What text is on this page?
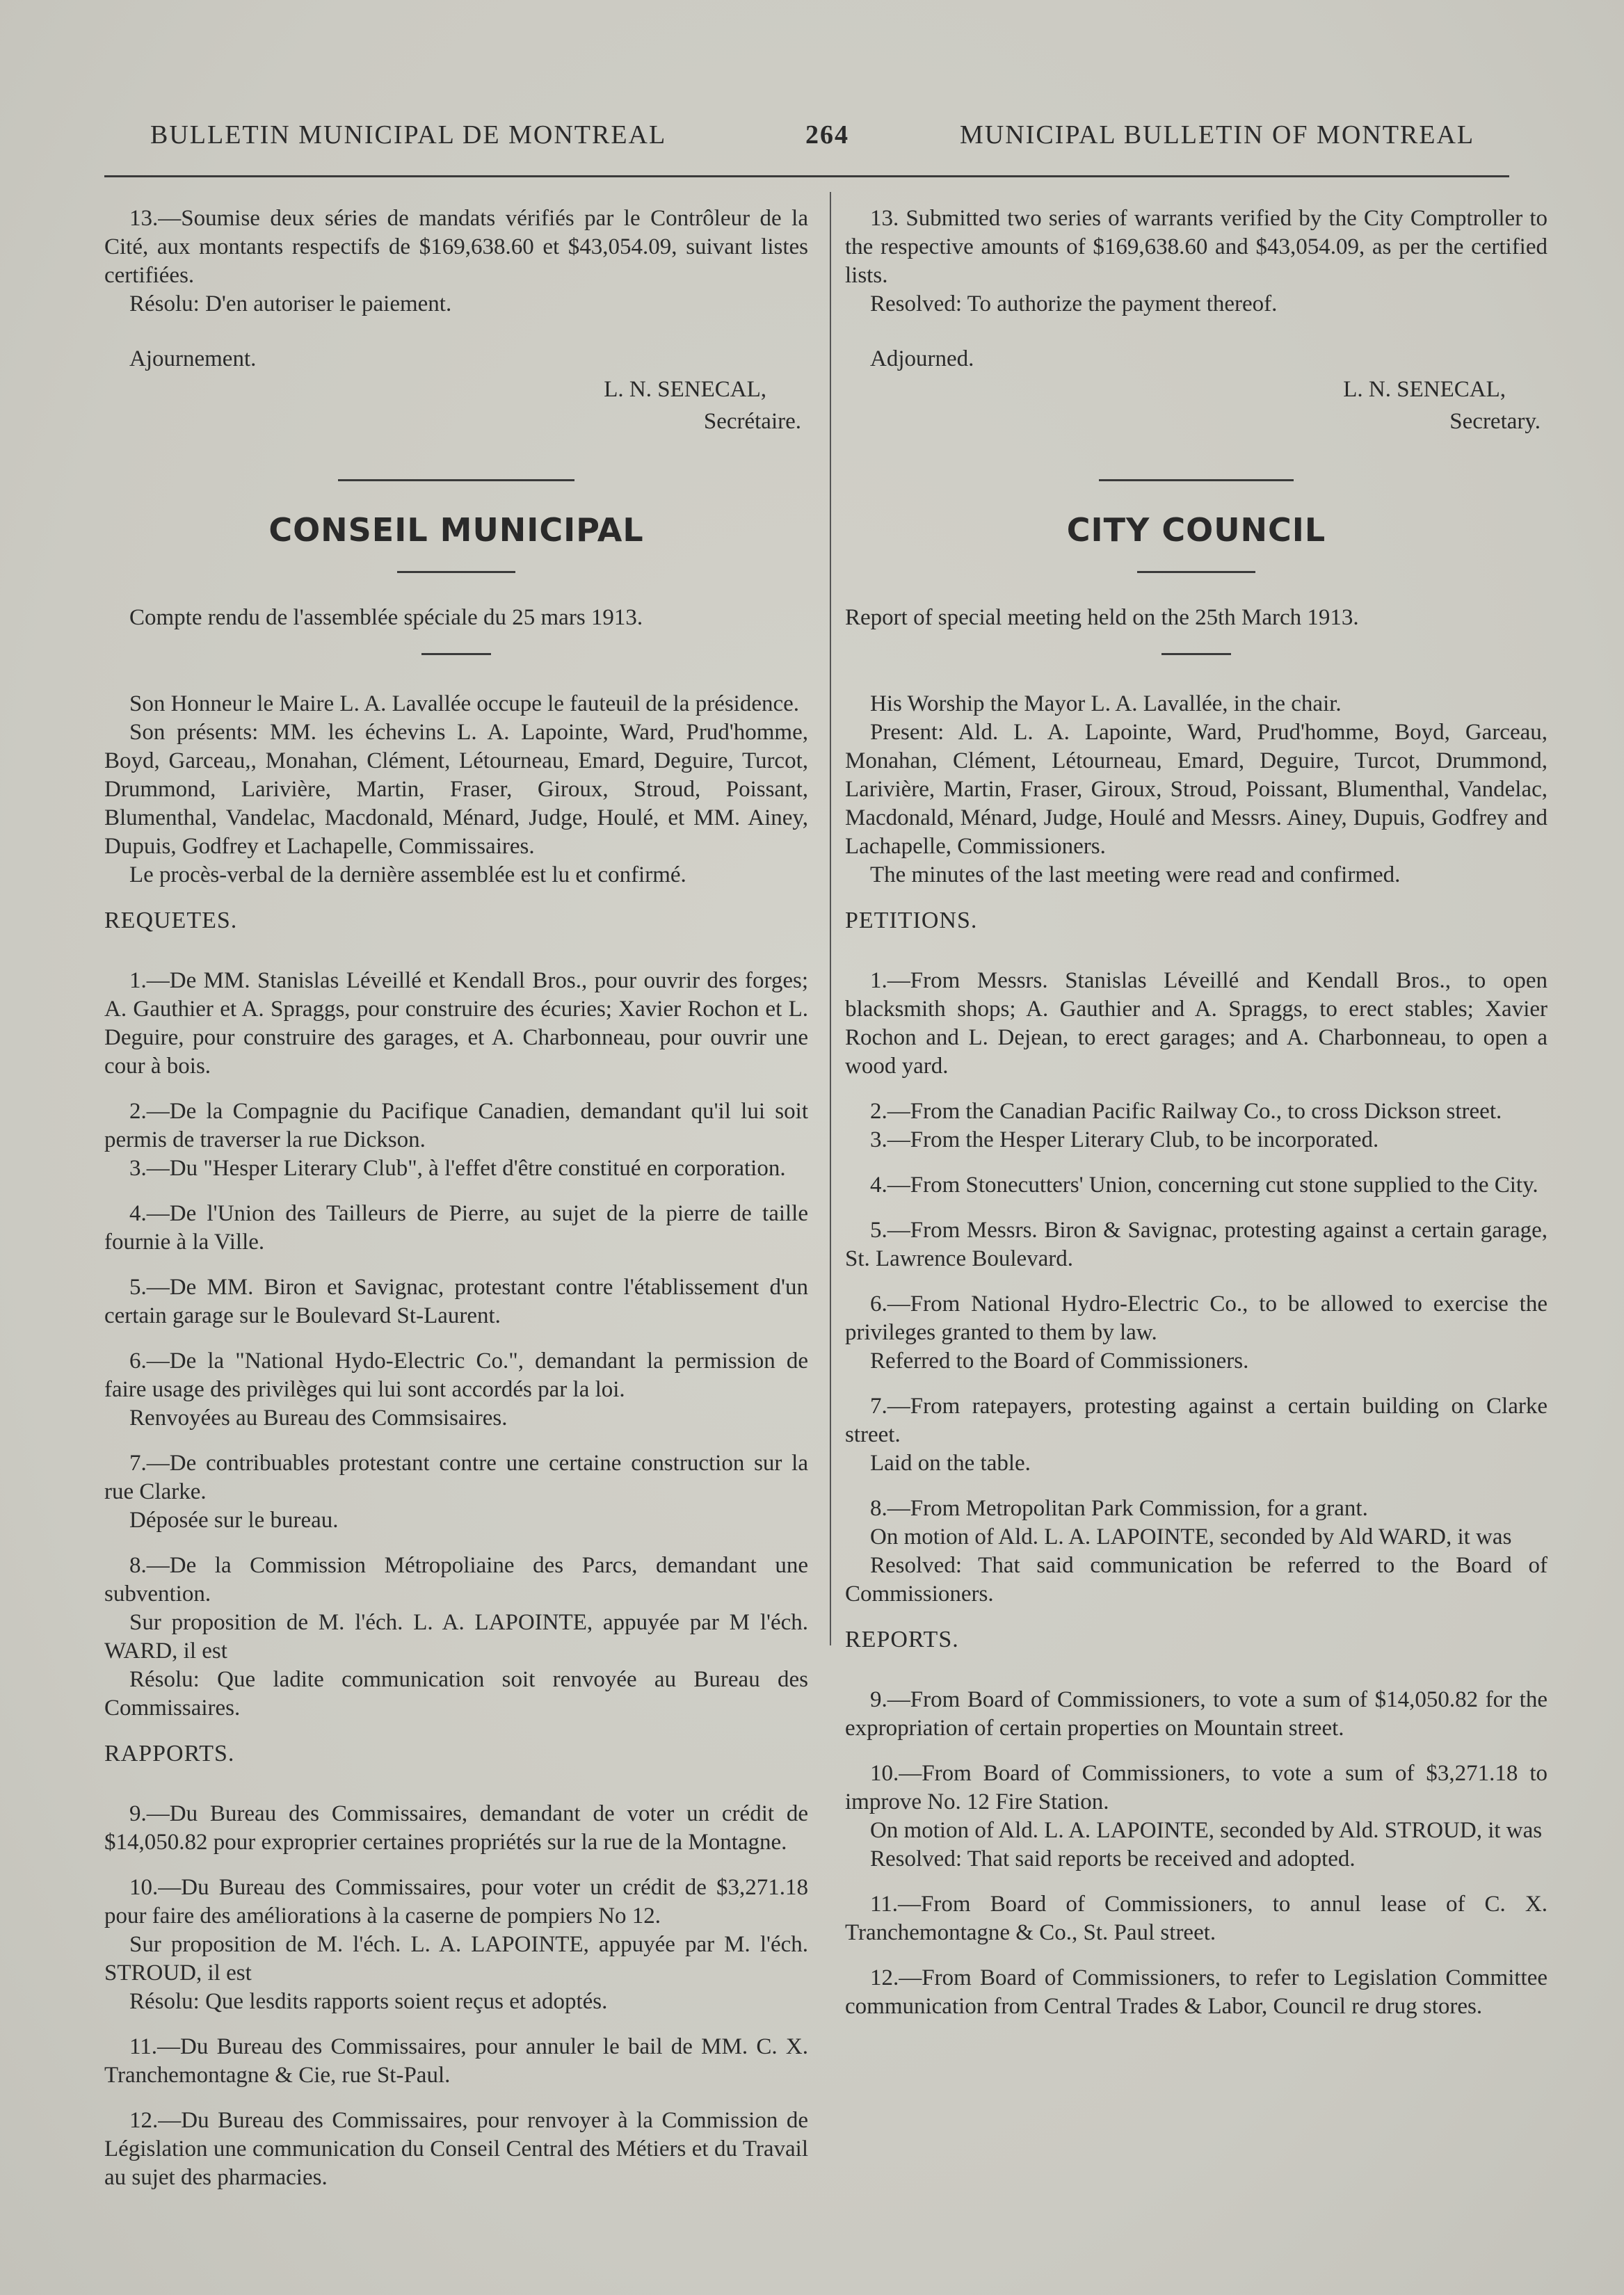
BULLETIN MUNICIPAL DE MONTREAL	264	MUNICIPAL BULLETIN OF MONTREAL

13.—Soumise deux séries de mandats vérifiés par le Contrôleur de la Cité, aux montants respectifs de $169,638.60 et $43,054.09, suivant listes certifiées.

Résolu: D'en autoriser le paiement.

Ajournement.

L. N. SENECAL,
Secrétaire.
CONSEIL MUNICIPAL

Compte rendu de l'assemblée spéciale du 25 mars 1913.

Son Honneur le Maire L. A. Lavallée occupe le fauteuil de la présidence.

Son présents: MM. les échevins L. A. Lapointe, Ward, Prud'homme, Boyd, Garceau,, Monahan, Clément, Létourneau, Emard, Deguire, Turcot, Drummond, Larivière, Martin, Fraser, Giroux, Stroud, Poissant, Blumenthal, Vandelac, Macdonald, Ménard, Judge, Houlé, et MM. Ainey, Dupuis, Godfrey et Lachapelle, Commissaires.

Le procès-verbal de la dernière assemblée est lu et confirmé.

REQUETES.

1.—De MM. Stanislas Léveillé et Kendall Bros., pour ouvrir des forges; A. Gauthier et A. Spraggs, pour construire des écuries; Xavier Rochon et L. Deguire, pour construire des garages, et A. Charbonneau, pour ouvrir une cour à bois.

2.—De la Compagnie du Pacifique Canadien, demandant qu'il lui soit permis de traverser la rue Dickson.

3.—Du "Hesper Literary Club", à l'effet d'être constitué en corporation.

4.—De l'Union des Tailleurs de Pierre, au sujet de la pierre de taille fournie à la Ville.

5.—De MM. Biron et Savignac, protestant contre l'établissement d'un certain garage sur le Boulevard St-Laurent.

6.—De la "National Hydo-Electric Co.", demandant la permission de faire usage des privilèges qui lui sont accordés par la loi.

Renvoyées au Bureau des Commsisaires.

7.—De contribuables protestant contre une certaine construction sur la rue Clarke.

Déposée sur le bureau.

8.—De la Commission Métropoliaine des Parcs, demandant une subvention.

Sur proposition de M. l'éch. L. A. LAPOINTE, appuyée par M l'éch. WARD, il est

Résolu: Que ladite communication soit renvoyée au Bureau des Commissaires.

RAPPORTS.

9.—Du Bureau des Commissaires, demandant de voter un crédit de $14,050.82 pour exproprier certaines propriétés sur la rue de la Montagne.

10.—Du Bureau des Commissaires, pour voter un crédit de $3,271.18 pour faire des améliorations à la caserne de pompiers No 12.

Sur proposition de M. l'éch. L. A. LAPOINTE, appuyée par M. l'éch. STROUD, il est

Résolu: Que lesdits rapports soient reçus et adoptés.

11.—Du Bureau des Commissaires, pour annuler le bail de MM. C. X. Tranchemontagne & Cie, rue St-Paul.

12.—Du Bureau des Commissaires, pour renvoyer à la Commission de Législation une communication du Conseil Central des Métiers et du Travail au sujet des pharmacies.

13. Submitted two series of warrants verified by the City Comptroller to the respective amounts of $169,638.60 and $43,054.09, as per the certified lists.

Resolved: To authorize the payment thereof.

Adjourned.

L. N. SENECAL,
Secretary.
CITY COUNCIL

Report of special meeting held on the 25th March 1913.

His Worship the Mayor L. A. Lavallée, in the chair.

Present: Ald. L. A. Lapointe, Ward, Prud'homme, Boyd, Garceau, Monahan, Clément, Létourneau, Emard, Deguire, Turcot, Drummond, Larivière, Martin, Fraser, Giroux, Stroud, Poissant, Blumenthal, Vandelac, Macdonald, Ménard, Judge, Houlé and Messrs. Ainey, Dupuis, Godfrey and Lachapelle, Commissioners.

The minutes of the last meeting were read and confirmed.

PETITIONS.

1.—From Messrs. Stanislas Léveillé and Kendall Bros., to open blacksmith shops; A. Gauthier and A. Spraggs, to erect stables; Xavier Rochon and L. Dejean, to erect garages; and A. Charbonneau, to open a wood yard.

2.—From the Canadian Pacific Railway Co., to cross Dickson street.

3.—From the Hesper Literary Club, to be incorporated.

4.—From Stonecutters' Union, concerning cut stone supplied to the City.

5.—From Messrs. Biron & Savignac, protesting against a certain garage, St. Lawrence Boulevard.

6.—From National Hydro-Electric Co., to be allowed to exercise the privileges granted to them by law.

Referred to the Board of Commissioners.

7.—From ratepayers, protesting against a certain building on Clarke street.

Laid on the table.

8.—From Metropolitan Park Commission, for a grant.

On motion of Ald. L. A. LAPOINTE, seconded by Ald WARD, it was

Resolved: That said communication be referred to the Board of Commissioners.

REPORTS.

9.—From Board of Commissioners, to vote a sum of $14,050.82 for the expropriation of certain properties on Mountain street.

10.—From Board of Commissioners, to vote a sum of $3,271.18 to improve No. 12 Fire Station.

On motion of Ald. L. A. LAPOINTE, seconded by Ald. STROUD, it was

Resolved: That said reports be received and adopted.

11.—From Board of Commissioners, to annul lease of C. X. Tranchemontagne & Co., St. Paul street.

12.—From Board of Commissioners, to refer to Legislation Committee communication from Central Trades & Labor, Council re drug stores.
